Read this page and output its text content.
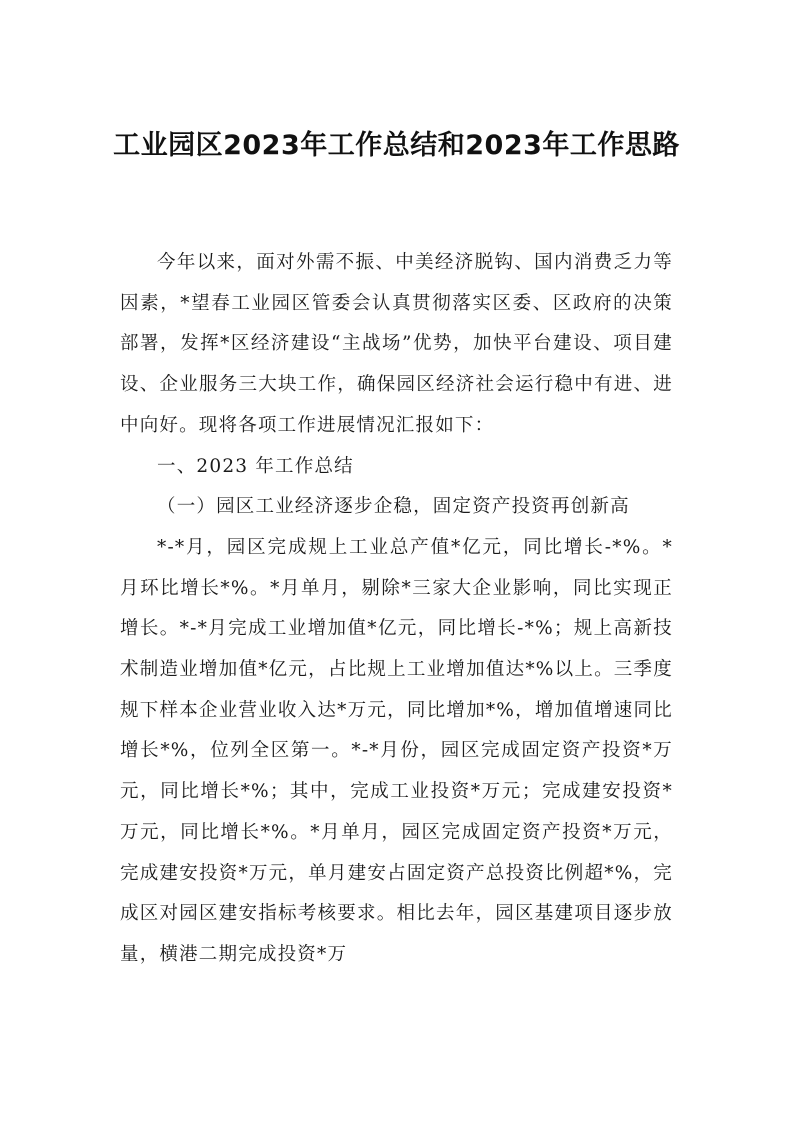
工业园区2023年工作总结和2023年工作思路

今年以来，面对外需不振、中美经济脱钩、国内消费乏力等因素，*望春工业园区管委会认真贯彻落实区委、区政府的决策部署，发挥*区经济建设“主战场”优势，加快平台建设、项目建设、企业服务三大块工作，确保园区经济社会运行稳中有进、进中向好。现将各项工作进展情况汇报如下：

一、2023 年工作总结

（一）园区工业经济逐步企稳，固定资产投资再创新高

*-*月，园区完成规上工业总产值*亿元，同比增长-*%。*月环比增长*%。*月单月，剔除*三家大企业影响，同比实现正增长。*-*月完成工业增加值*亿元，同比增长-*%；规上高新技术制造业增加值*亿元，占比规上工业增加值达*%以上。三季度规下样本企业营业收入达*万元，同比增加*%，增加值增速同比增长*%，位列全区第一。*-*月份，园区完成固定资产投资*万元，同比增长*%；其中，完成工业投资*万元；完成建安投资*万元，同比增长*%。*月单月，园区完成固定资产投资*万元，完成建安投资*万元，单月建安占固定资产总投资比例超*%，完成区对园区建安指标考核要求。相比去年，园区基建项目逐步放量，横港二期完成投资*万
